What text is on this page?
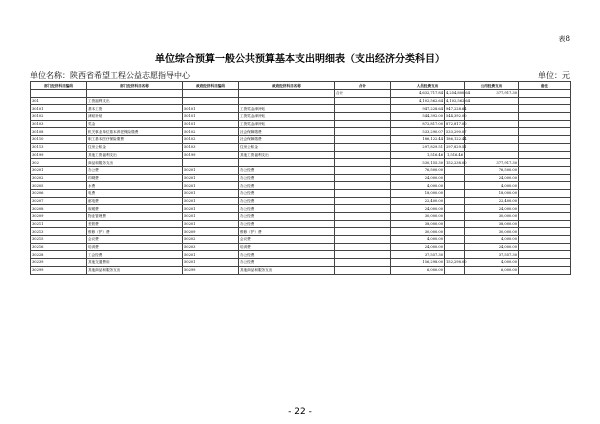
表8
单位综合预算一般公共预算基本支出明细表（支出经济分类科目）
单位名称：陕西省希望工程公益志愿指导中心	单位：元
部门经济科目编码	部门经济科目名称	政府经济科目编码	政府经济科目名称	合计	人员经费支出		公用经费支出	备注
				合计	4,632,717.84	4,254,800.64	377,917.30	
301	工资福利支出				4,102,562.64	4,102,562.64		
30101	基本工资	50101	工资奖金津补贴		947,228.64	947,228.64		
30102	津贴补贴	50101	工资奖金津补贴		544,392.00	544,392.00		
30103	奖金	50101	工资奖金津补贴		872,817.00	872,817.00		
30108	机关事业单位基本养老保险缴费	50102	社会保障缴费		533,290.07	533,290.07		
30110	职工基本医疗保险缴费	50102	社会保障缴费		186,122.44	186,122.44		
30113	住房公积金	50103	住房公积金		297,829.51	297,829.51		
30199	其他工资福利支出	50199	其他工资福利支出		1,516.46	1,516.46		
302	商品和服务支出				530,155.30	152,238.00	377,917.30	
30201	办公费	50201	办公经费		76,500.00		76,500.00	
30202	印刷费	50201	办公经费		24,000.00		24,000.00	
30205	水费	50201	办公经费		4,000.00		4,000.00	
30206	电费	50201	办公经费		18,000.00		18,000.00	
30207	邮电费	50201	办公经费		22,400.00		22,400.00	
30208	取暖费	50201	办公经费		24,000.00		24,000.00	
30209	物业管理费	50201	办公经费		30,000.00		30,000.00	
30211	差旅费	50201	办公经费		38,000.00		38,000.00	
30213	维修（护）费	50209	维修（护）费		30,000.00		30,000.00	
30215	会议费	50202	会议费		4,000.00		4,000.00	
30216	培训费	50203	培训费		24,000.00		24,000.00	
30228	工会经费	50201	办公经费		37,557.30		37,557.30	
30239	其他交通费用	50201	办公经费		156,298.00	152,298.00	4,000.00	
30299	其他商品和服务支出	50299	其他商品和服务支出		6,000.00		6,000.00	
- 22 -
